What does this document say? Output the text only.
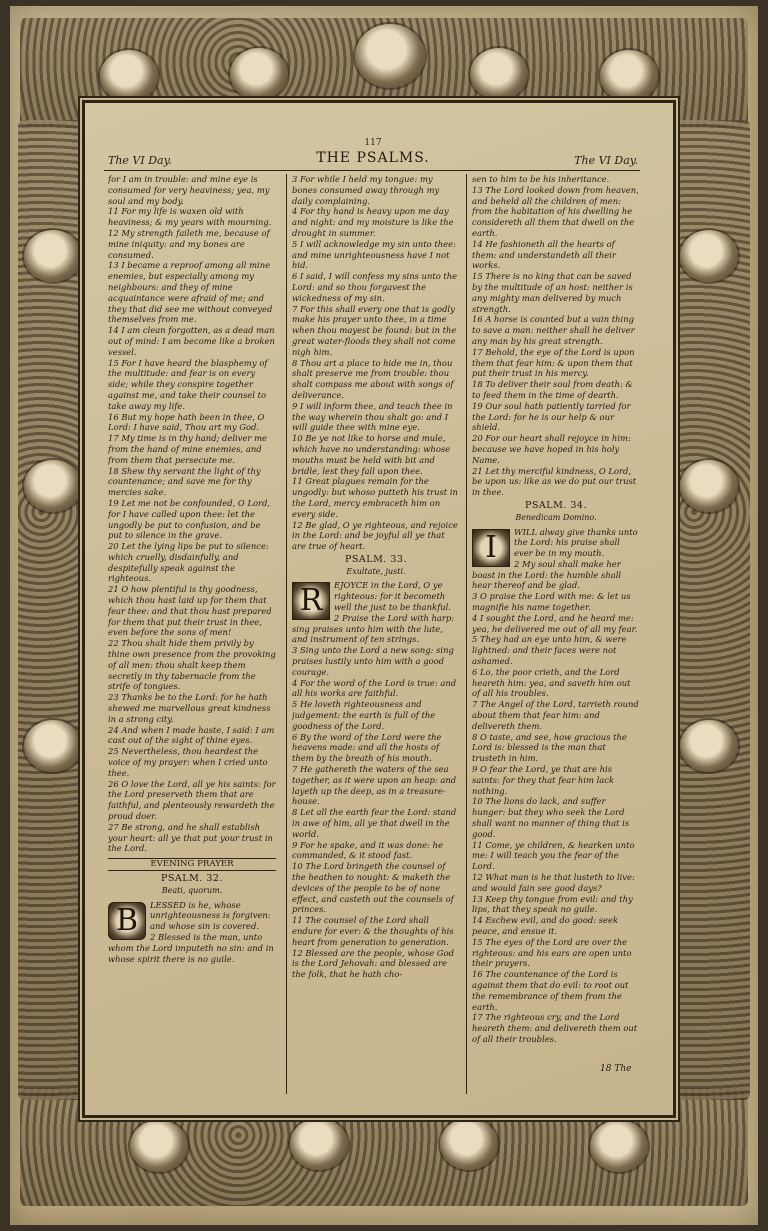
117
The VI Day.	THE PSALMS.	The VI Day.

for I am in trouble: and mine eye is consumed for very heaviness; yea, my soul and my body.

11 For my life is waxen old with heaviness; & my years with mourning.

12 My strength faileth me, because of mine iniquity: and my bones are consumed.

13 I became a reproof among all mine enemies, but especially among my neighbours: and they of mine acquaintance were afraid of me; and they that did see me without conveyed themselves from me.

14 I am clean forgotten, as a dead man out of mind: I am become like a broken vessel.

15 For I have heard the blasphemy of the multitude: and fear is on every side; while they conspire together against me, and take their counsel to take away my life.

16 But my hope hath been in thee, O Lord: I have said, Thou art my God.

17 My time is in thy hand; deliver me from the hand of mine enemies, and from them that persecute me.

18 Shew thy servant the light of thy countenance; and save me for thy mercies sake.

19 Let me not be confounded, O Lord, for I have called upon thee: let the ungodly be put to confusion, and be put to silence in the grave.

20 Let the lying lips be put to silence: which cruelly, disdainfully, and despitefully speak against the righteous.

21 O how plentiful is thy goodness, which thou hast laid up for them that fear thee: and that thou hast prepared for them that put their trust in thee, even before the sons of men!

22 Thou shalt hide them privily by thine own presence from the provoking of all men: thou shalt keep them secretly in thy tabernacle from the strife of tongues.

23 Thanks be to the Lord: for he hath shewed me marvellous great kindness in a strong city.

24 And when I made haste, I said: I am cast out of the sight of thine eyes.

25 Nevertheless, thou heardest the voice of my prayer: when I cried unto thee.

26 O love the Lord, all ye his saints: for the Lord preserveth them that are faithful, and plenteously rewardeth the proud doer.

27 Be strong, and he shall establish your heart: all ye that put your trust in the Lord.

EVENING PRAYER

PSALM. 32.

Beati, quorum.

B	LESSED is he, whose unrighteousness is forgiven: and whose sin is covered.

2 Blessed is the man, unto whom the Lord imputeth no sin: and in whose spirit there is no guile.

3 For while I held my tongue: my bones consumed away through my daily complaining.

4 For thy hand is heavy upon me day and night: and my moisture is like the drought in summer.

5 I will acknowledge my sin unto thee: and mine unrighteousness have I not hid.

6 I said, I will confess my sins unto the Lord: and so thou forgavest the wickedness of my sin.

7 For this shall every one that is godly make his prayer unto thee, in a time when thou mayest be found: but in the great water-floods they shall not come nigh him.

8 Thou art a place to hide me in, thou shalt preserve me from trouble: thou shalt compass me about with songs of deliverance.

9 I will inform thee, and teach thee in the way wherein thou shalt go: and I will guide thee with mine eye.

10 Be ye not like to horse and mule, which have no understanding: whose mouths must be held with bit and bridle, lest they fall upon thee.

11 Great plagues remain for the ungodly: but whoso putteth his trust in the Lord, mercy embraceth him on every side.

12 Be glad, O ye righteous, and rejoice in the Lord: and be joyful all ye that are true of heart.

PSALM. 33.

Exultate, justi.

R	EJOYCE in the Lord, O ye righteous: for it becometh well the just to be thankful.

2 Praise the Lord with harp: sing praises unto him with the lute, and instrument of ten strings.

3 Sing unto the Lord a new song: sing praises lustily unto him with a good courage.

4 For the word of the Lord is true: and all his works are faithful.

5 He loveth righteousness and judgement: the earth is full of the goodness of the Lord.

6 By the word of the Lord were the heavens made: and all the hosts of them by the breath of his mouth.

7 He gathereth the waters of the sea together, as it were upon an heap: and layeth up the deep, as in a treasure-house.

8 Let all the earth fear the Lord: stand in awe of him, all ye that dwell in the world.

9 For he spake, and it was done: he commanded, & it stood fast.

10 The Lord bringeth the counsel of the heathen to nought: & maketh the devices of the people to be of none effect, and casteth out the counsels of princes.

11 The counsel of the Lord shall endure for ever: & the thoughts of his heart from generation to generation.

12 Blessed are the people, whose God is the Lord Jehovah: and blessed are the folk, that he hath cho-

sen to him to be his inheritance.

13 The Lord looked down from heaven, and beheld all the children of men: from the habitation of his dwelling he considereth all them that dwell on the earth.

14 He fashioneth all the hearts of them: and understandeth all their works.

15 There is no king that can be saved by the multitude of an host: neither is any mighty man delivered by much strength.

16 A horse is counted but a vain thing to save a man: neither shall he deliver any man by his great strength.

17 Behold, the eye of the Lord is upon them that fear him: & upon them that put their trust in his mercy.

18 To deliver their soul from death: & to feed them in the time of dearth.

19 Our soul hath patiently tarried for the Lord: for he is our help & our shield.

20 For our heart shall rejoyce in him: because we have hoped in his holy Name.

21 Let thy merciful kindness, O Lord, be upon us: like as we do put our trust in thee.

PSALM. 34.

Benedicam Domino.

I	WILL alway give thanks unto the Lord: his praise shall ever be in my mouth.

2 My soul shall make her boast in the Lord: the humble shall hear thereof and be glad.

3 O praise the Lord with me: & let us magnifie his name together.

4 I sought the Lord, and he heard me: yea, he delivered me out of all my fear.

5 They had an eye unto him, & were lightned: and their faces were not ashamed.

6 Lo, the poor crieth, and the Lord heareth him: yea, and saveth him out of all his troubles.

7 The Angel of the Lord, tarrieth round about them that fear him: and delivereth them.

8 O taste, and see, how gracious the Lord is: blessed is the man that trusteth in him.

9 O fear the Lord, ye that are his saints: for they that fear him lack nothing.

10 The lions do lack, and suffer hunger: but they who seek the Lord shall want no manner of thing that is good.

11 Come, ye children, & hearken unto me: I will teach you the fear of the Lord.

12 What man is he that lusteth to live: and would fain see good days?

13 Keep thy tongue from evil: and thy lips, that they speak no guile.

14 Eschew evil, and do good: seek peace, and ensue it.

15 The eyes of the Lord are over the righteous: and his ears are open unto their prayers.

16 The countenance of the Lord is against them that do evil: to root out the remembrance of them from the earth.

17 The righteous cry, and the Lord heareth them: and delivereth them out of all their troubles.

18 The
